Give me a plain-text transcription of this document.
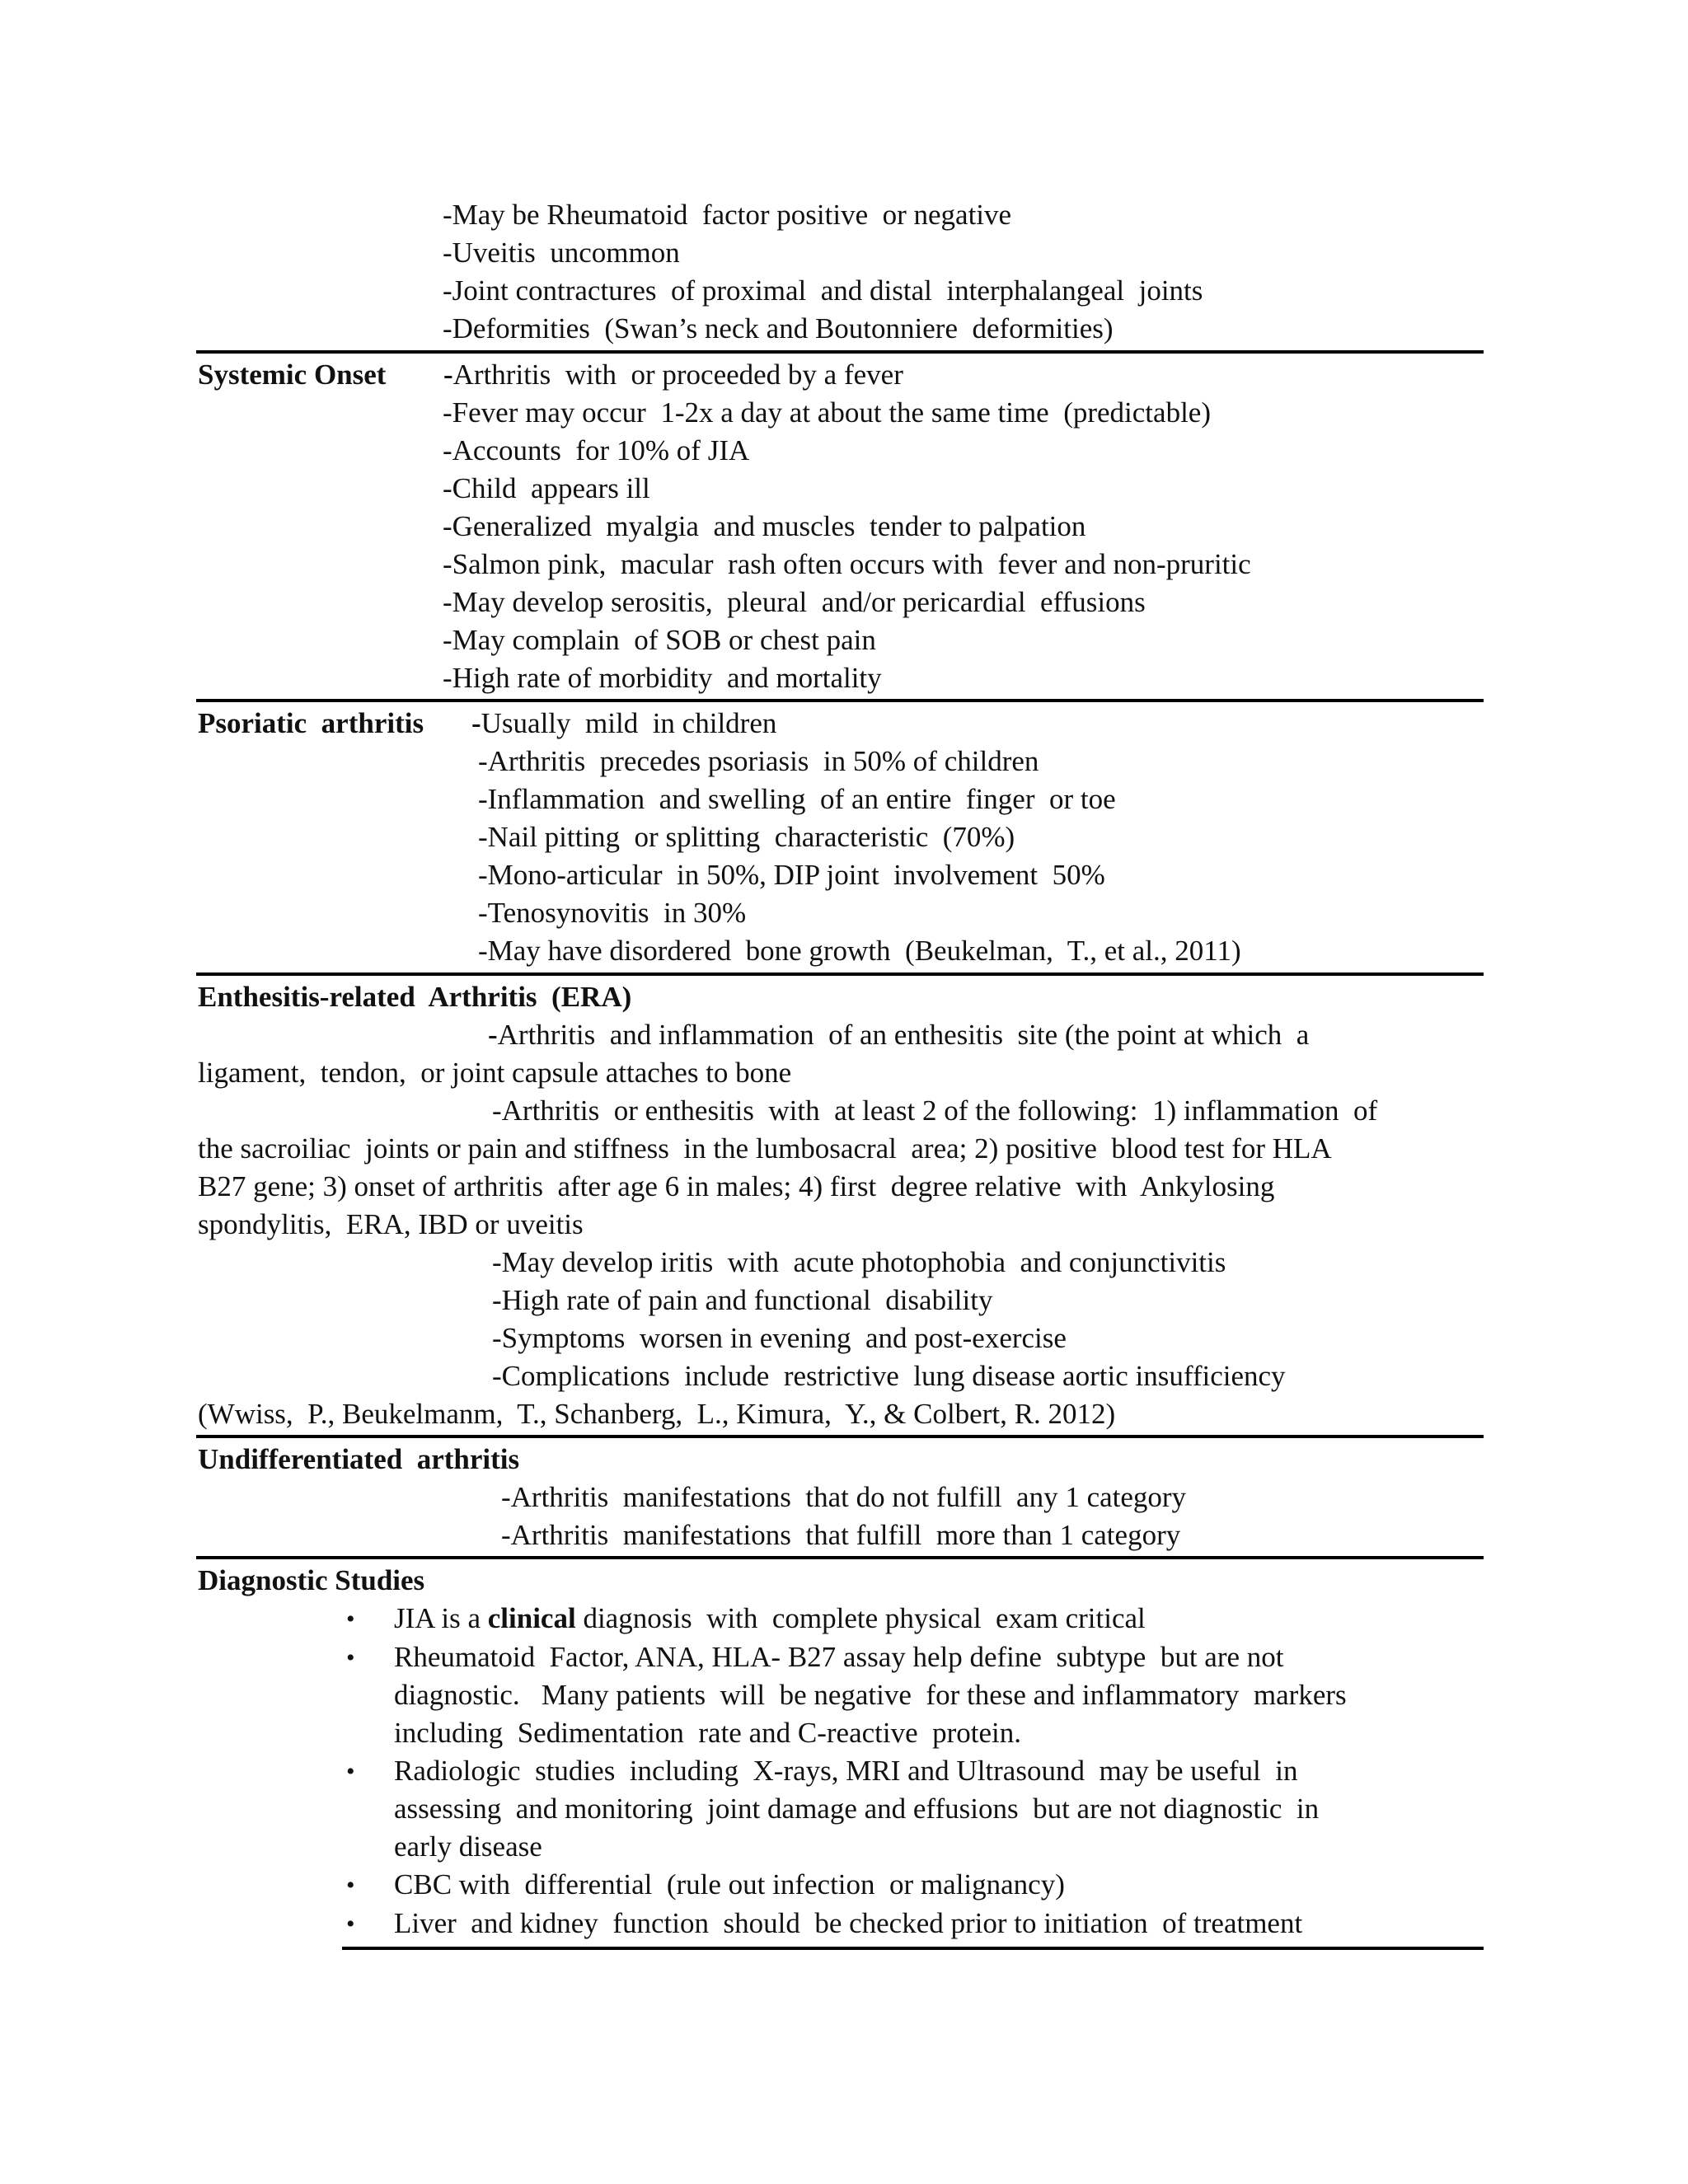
-May be Rheumatoid  factor positive  or negative
-Uveitis  uncommon
-Joint contractures  of proximal  and distal  interphalangeal  joints
-Deformities  (Swan’s neck and Boutonniere  deformities)
Systemic Onset -Arthritis  with  or proceeded by a fever
-Fever may occur  1-2x a day at about the same time  (predictable)
-Accounts  for 10% of JIA
-Child  appears ill
-Generalized  myalgia  and muscles  tender to palpation
-Salmon pink,  macular  rash often occurs with  fever and non-pruritic
-May develop serositis,  pleural  and/or pericardial  effusions
-May complain  of SOB or chest pain
-High rate of morbidity  and mortality
Psoriatic  arthritis -Usually  mild  in children
-Arthritis  precedes psoriasis  in 50% of children
-Inflammation  and swelling  of an entire  finger  or toe
-Nail pitting  or splitting  characteristic  (70%)
-Mono-articular  in 50%, DIP joint  involvement  50%
-Tenosynovitis  in 30%
-May have disordered  bone growth  (Beukelman,  T., et al., 2011)
Enthesitis-related  Arthritis  (ERA)
-Arthritis  and inflammation  of an enthesitis  site (the point at which  a
ligament,  tendon,  or joint capsule attaches to bone
-Arthritis  or enthesitis  with  at least 2 of the following:  1) inflammation  of
the sacroiliac  joints or pain and stiffness  in the lumbosacral  area; 2) positive  blood test for HLA
B27 gene; 3) onset of arthritis  after age 6 in males; 4) first  degree relative  with  Ankylosing
spondylitis,  ERA, IBD or uveitis
-May develop iritis  with  acute photophobia  and conjunctivitis
-High rate of pain and functional  disability
-Symptoms  worsen in evening  and post-exercise
-Complications  include  restrictive  lung disease aortic insufficiency
(Wwiss,  P., Beukelmanm,  T., Schanberg,  L., Kimura,  Y., & Colbert, R. 2012)
Undifferentiated  arthritis
-Arthritis  manifestations  that do not fulfill  any 1 category
-Arthritis  manifestations  that fulfill  more than 1 category
Diagnostic Studies
• JIA is a clinical diagnosis  with  complete physical  exam critical
• Rheumatoid  Factor, ANA, HLA- B27 assay help define  subtype  but are not
diagnostic.   Many patients  will  be negative  for these and inflammatory  markers
including  Sedimentation  rate and C-reactive  protein.
• Radiologic  studies  including  X-rays, MRI and Ultrasound  may be useful  in
assessing  and monitoring  joint damage and effusions  but are not diagnostic  in
early disease
• CBC with  differential  (rule out infection  or malignancy)
• Liver  and kidney  function  should  be checked prior to initiation  of treatment
